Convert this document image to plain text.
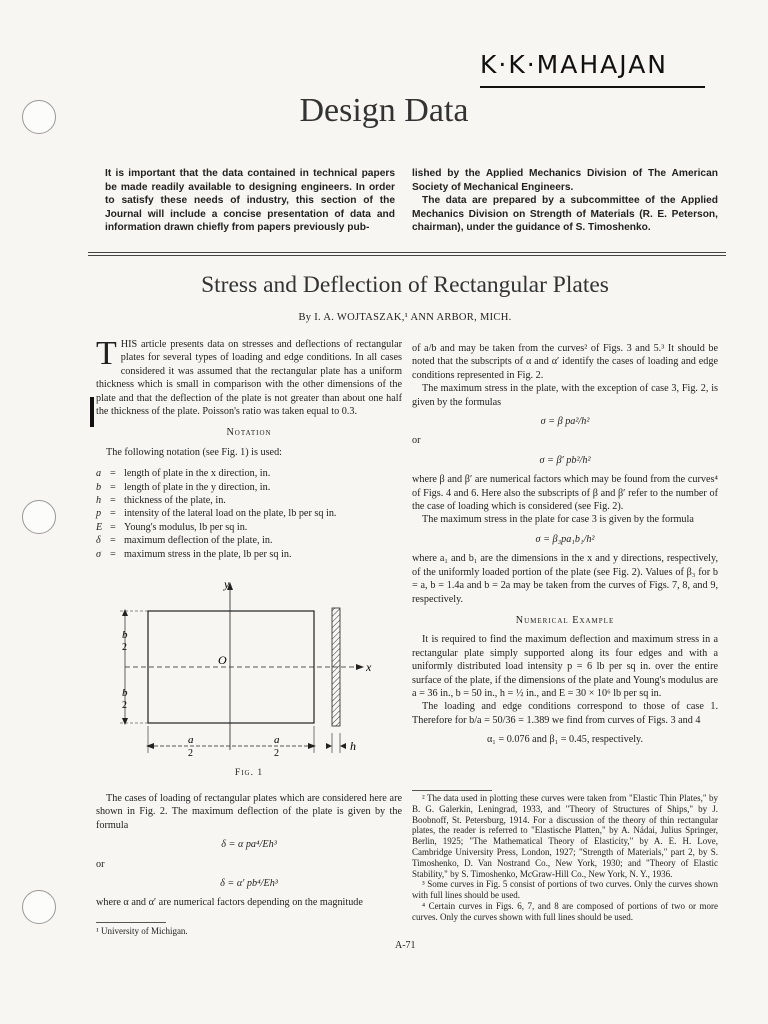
K·K·MAHAJAN
Design Data

It is important that the data contained in technical papers be made readily available to designing engineers. In order to satisfy these needs of industry, this section of the Journal will include a concise presentation of data and information drawn chiefly from papers previously pub-

lished by the Applied Mechanics Division of The American Society of Mechanical Engineers.

The data are prepared by a subcommittee of the Applied Mechanics Division on Strength of Materials (R. E. Peterson, chairman), under the guidance of S. Timoshenko.

Stress and Deflection of Rectangular Plates
By I. A. WOJTASZAK,¹ ANN ARBOR, MICH.

THIS article presents data on stresses and deflections of rectangular plates for several types of loading and edge conditions. In all cases considered it was assumed that the rectangular plate has a uniform thickness which is small in comparison with the other dimensions of the plate and that the deflection of the plate is not greater than about one half the thickness of the plate. Poisson's ratio was taken equal to 0.3.

Notation

The following notation (see Fig. 1) is used:

a = length of plate in the x direction, in.
b = length of plate in the y direction, in.
h = thickness of the plate, in.
p = intensity of the lateral load on the plate, lb per sq in.
E = Young's modulus, lb per sq in.
δ = maximum deflection of the plate, in.
σ = maximum stress in the plate, lb per sq in.
y
x
O
b
2
b
2
a
2
a
2
h
Fig. 1

The cases of loading of rectangular plates which are considered here are shown in Fig. 2. The maximum deflection of the plate is given by the formula

δ = α pa⁴/Eh³
or
δ = α′ pb⁴/Eh³

where α and α′ are numerical factors depending on the magnitude

¹ University of Michigan.

of a/b and may be taken from the curves² of Figs. 3 and 5.³ It should be noted that the subscripts of α and α′ identify the cases of loading and edge conditions represented in Fig. 2.

The maximum stress in the plate, with the exception of case 3, Fig. 2, is given by the formulas

σ = β pa²/h²
or
σ = β′ pb²/h²

where β and β′ are numerical factors which may be found from the curves⁴ of Figs. 4 and 6. Here also the subscripts of β and β′ refer to the number of the case of loading which is considered (see Fig. 2).

The maximum stress in the plate for case 3 is given by the formula

σ = β₃pa₁b₁/h²

where a₁ and b₁ are the dimensions in the x and y directions, respectively, of the uniformly loaded portion of the plate (see Fig. 2). Values of β₃ for b = a, b = 1.4a and b = 2a may be taken from the curves of Figs. 7, 8, and 9, respectively.

Numerical Example

It is required to find the maximum deflection and maximum stress in a rectangular plate simply supported along its four edges and with a uniformly distributed load intensity p = 6 lb per sq in. over the entire surface of the plate, if the dimensions of the plate and Young's modulus are a = 36 in., b = 50 in., h = ½ in., and E = 30 × 10⁶ lb per sq in.

The loading and edge conditions correspond to those of case 1. Therefore for b/a = 50/36 = 1.389 we find from curves of Figs. 3 and 4

α₁ = 0.076 and β₁ = 0.45, respectively.

² The data used in plotting these curves were taken from "Elastic Thin Plates," by B. G. Galerkin, Leningrad, 1933, and "Theory of Structures of Ships," by J. Boobnoff, St. Petersburg, 1914. For a discussion of the theory of thin rectangular plates, the reader is referred to "Elastische Platten," by A. Nádai, Julius Springer, Berlin, 1925; "The Mathematical Theory of Elasticity," by A. E. H. Love, Cambridge University Press, London, 1927; "Strength of Materials," part 2, by S. Timoshenko, D. Van Nostrand Co., New York, 1930; and "Theory of Elastic Stability," by S. Timoshenko, McGraw-Hill Co., New York, N. Y., 1936.

³ Some curves in Fig. 5 consist of portions of two curves. Only the curves shown with full lines should be used.

⁴ Certain curves in Figs. 6, 7, and 8 are composed of portions of two or more curves. Only the curves shown with full lines should be used.

A-71
